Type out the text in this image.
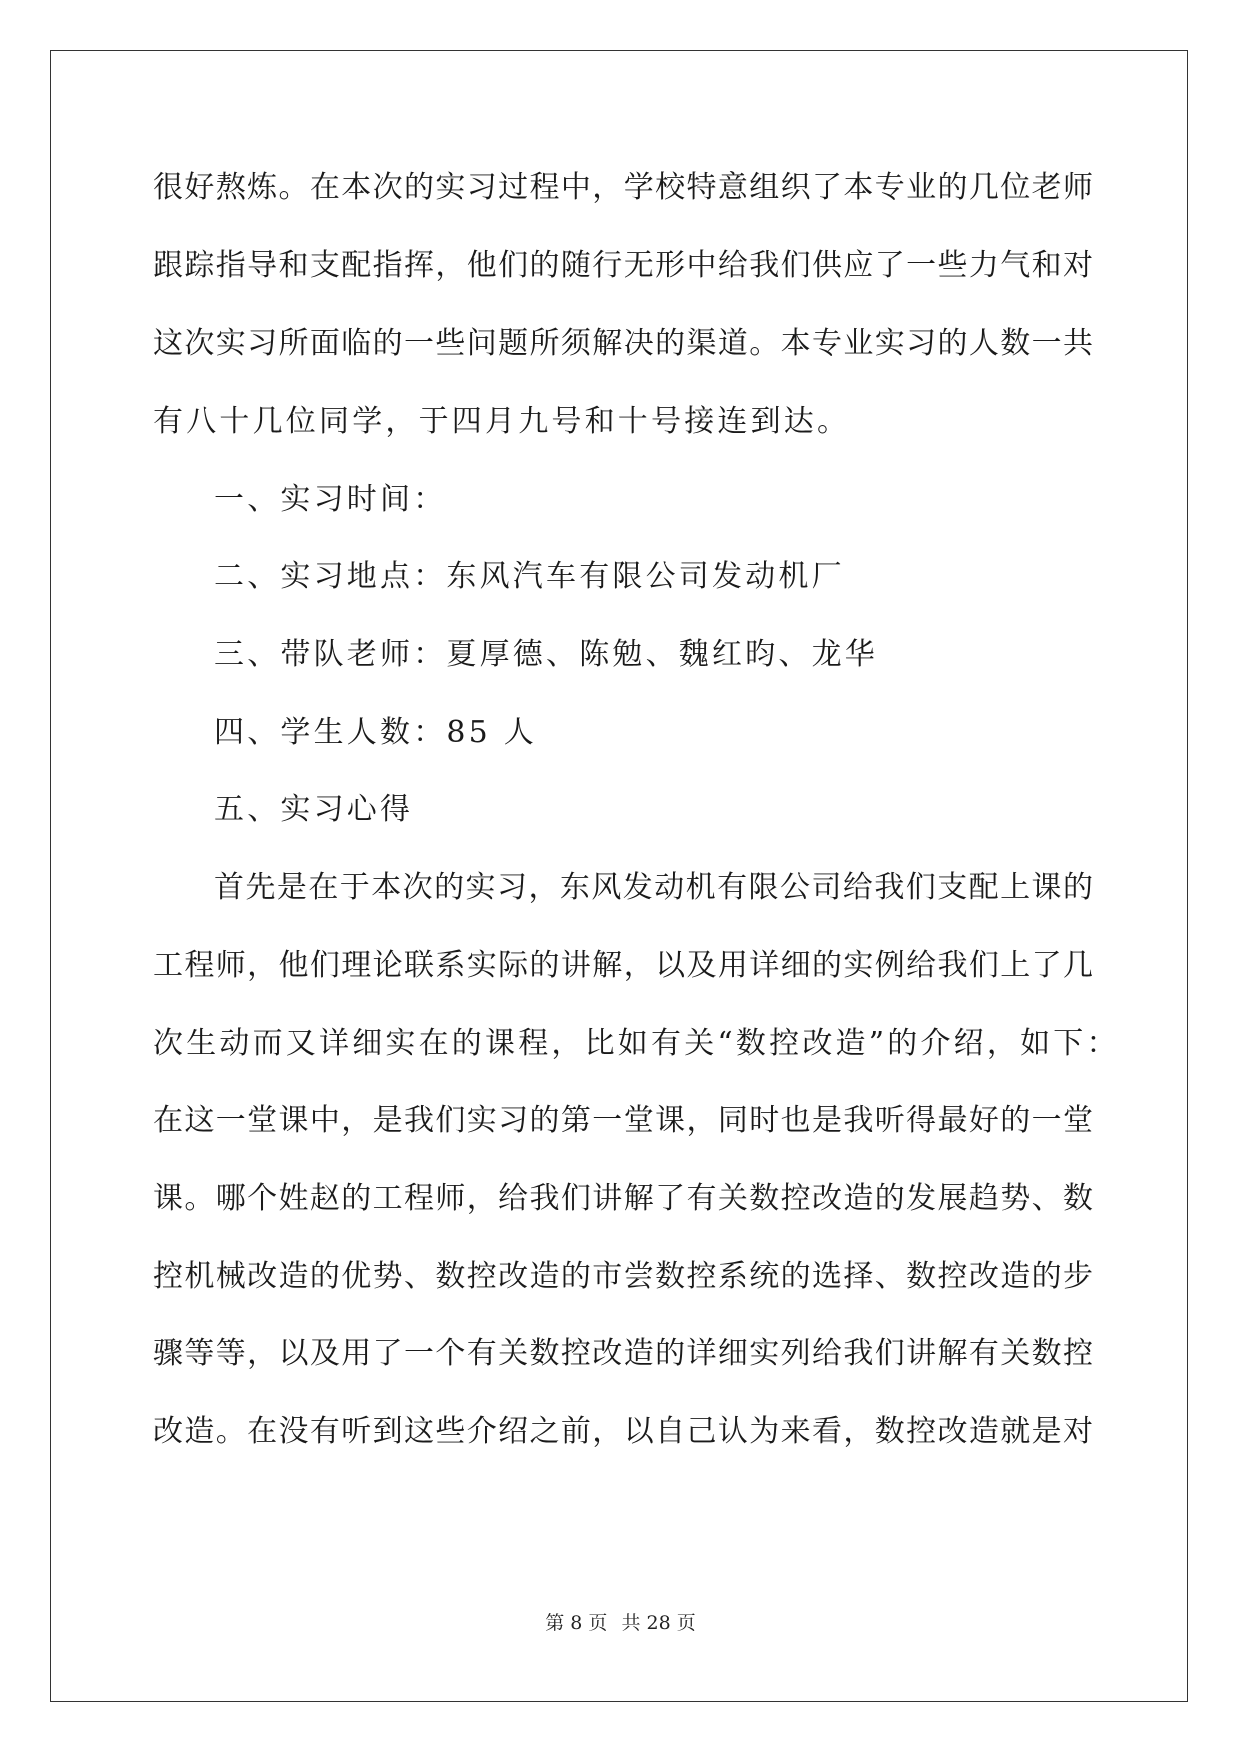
很好熬炼。在本次的实习过程中，学校特意组织了本专业的几位老师
跟踪指导和支配指挥，他们的随行无形中给我们供应了一些力气和对
这次实习所面临的一些问题所须解决的渠道。本专业实习的人数一共
有八十几位同学，于四月九号和十号接连到达。
一、实习时间：
二、实习地点：东风汽车有限公司发动机厂
三、带队老师：夏厚德、陈勉、魏红昀、龙华
四、学生人数：85 人
五、实习心得
首先是在于本次的实习，东风发动机有限公司给我们支配上课的
工程师，他们理论联系实际的讲解，以及用详细的实例给我们上了几
次生动而又详细实在的课程，比如有关“数控改造”的介绍，如下：
在这一堂课中，是我们实习的第一堂课，同时也是我听得最好的一堂
课。哪个姓赵的工程师，给我们讲解了有关数控改造的发展趋势、数
控机械改造的优势、数控改造的市尝数控系统的选择、数控改造的步
骤等等，以及用了一个有关数控改造的详细实列给我们讲解有关数控
改造。在没有听到这些介绍之前，以自己认为来看，数控改造就是对
第 8 页 共 28 页
